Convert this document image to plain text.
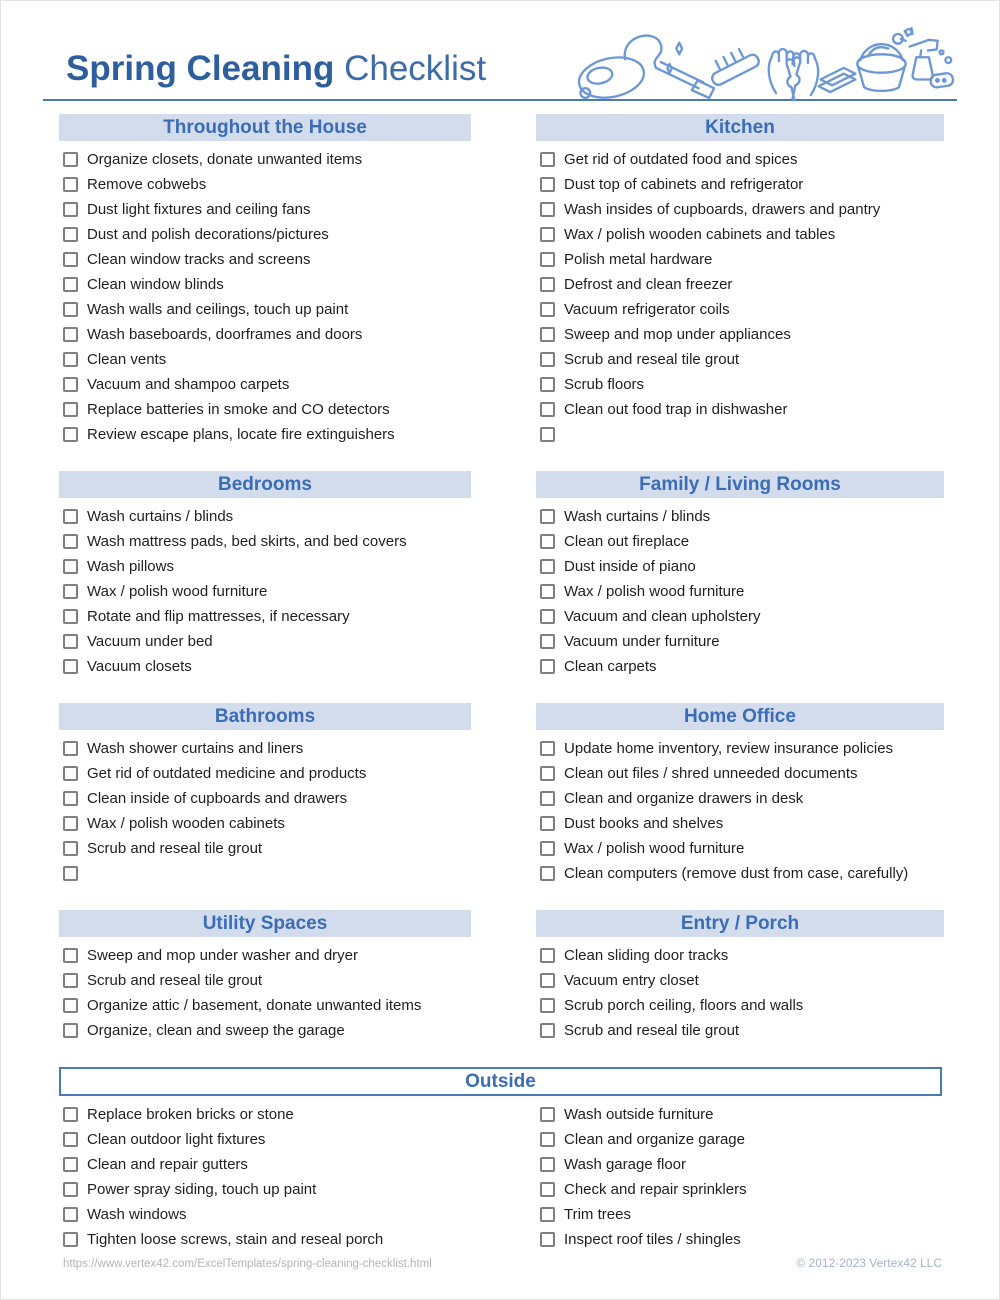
Spring Cleaning Checklist
Throughout the House
Organize closets, donate unwanted items
Remove cobwebs
Dust light fixtures and ceiling fans
Dust and polish decorations/pictures
Clean window tracks and screens
Clean window blinds
Wash walls and ceilings, touch up paint
Wash baseboards, doorframes and doors
Clean vents
Vacuum and shampoo carpets
Replace batteries in smoke and CO detectors
Review escape plans, locate fire extinguishers
Bedrooms
Wash curtains / blinds
Wash mattress pads, bed skirts, and bed covers
Wash pillows
Wax / polish wood furniture
Rotate and flip mattresses, if necessary
Vacuum under bed
Vacuum closets
Bathrooms
Wash shower curtains and liners
Get rid of outdated medicine and products
Clean inside of cupboards and drawers
Wax / polish wooden cabinets
Scrub and reseal tile grout
Utility Spaces
Sweep and mop under washer and dryer
Scrub and reseal tile grout
Organize attic / basement, donate unwanted items
Organize, clean and sweep the garage
Kitchen
Get rid of outdated food and spices
Dust top of cabinets and refrigerator
Wash insides of cupboards, drawers and pantry
Wax / polish wooden cabinets and tables
Polish metal hardware
Defrost and clean freezer
Vacuum refrigerator coils
Sweep and mop under appliances
Scrub and reseal tile grout
Scrub floors
Clean out food trap in dishwasher
Family / Living Rooms
Wash curtains / blinds
Clean out fireplace
Dust inside of piano
Wax / polish wood furniture
Vacuum and clean upholstery
Vacuum under furniture
Clean carpets
Home Office
Update home inventory, review insurance policies
Clean out files / shred unneeded documents
Clean and organize drawers in desk
Dust books and shelves
Wax / polish wood furniture
Clean computers (remove dust from case, carefully)
Entry / Porch
Clean sliding door tracks
Vacuum entry closet
Scrub porch ceiling, floors and walls
Scrub and reseal tile grout
Outside
Replace broken bricks or stone
Clean outdoor light fixtures
Clean and repair gutters
Power spray siding, touch up paint
Wash windows
Tighten loose screws, stain and reseal porch
Wash outside furniture
Clean and organize garage
Wash garage floor
Check and repair sprinklers
Trim trees
Inspect roof tiles / shingles
https://www.vertex42.com/ExcelTemplates/spring-cleaning-checklist.html	© 2012-2023 Vertex42 LLC
